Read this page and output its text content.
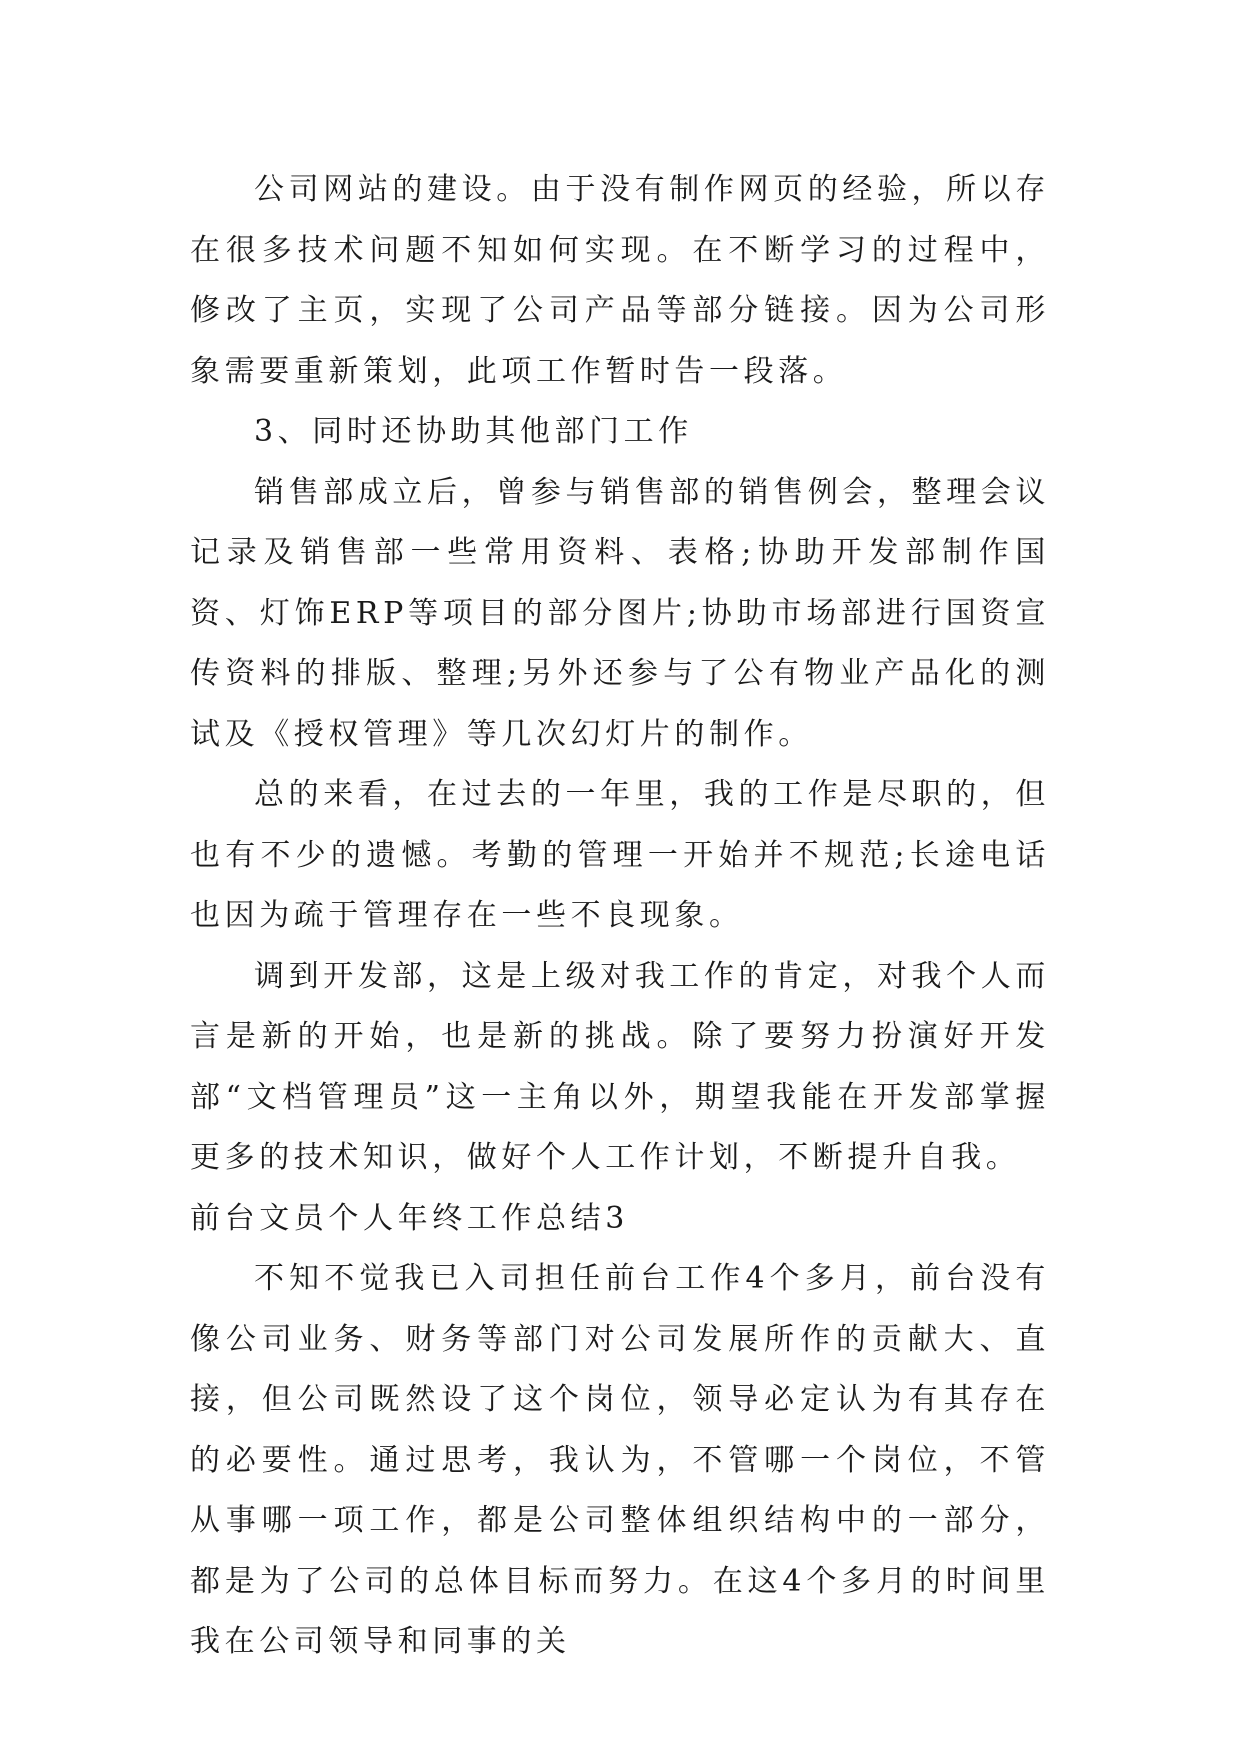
公司网站的建设。由于没有制作网页的经验，所以存在很多技术问题不知如何实现。在不断学习的过程中，修改了主页，实现了公司产品等部分链接。因为公司形象需要重新策划，此项工作暂时告一段落。

3、同时还协助其他部门工作

销售部成立后，曾参与销售部的销售例会，整理会议记录及销售部一些常用资料、表格;协助开发部制作国资、灯饰ERP等项目的部分图片;协助市场部进行国资宣传资料的排版、整理;另外还参与了公有物业产品化的测试及《授权管理》等几次幻灯片的制作。

总的来看，在过去的一年里，我的工作是尽职的，但也有不少的遗憾。考勤的管理一开始并不规范;长途电话也因为疏于管理存在一些不良现象。

调到开发部，这是上级对我工作的肯定，对我个人而言是新的开始，也是新的挑战。除了要努力扮演好开发部“文档管理员”这一主角以外，期望我能在开发部掌握更多的技术知识，做好个人工作计划，不断提升自我。

前台文员个人年终工作总结3

不知不觉我已入司担任前台工作4个多月，前台没有像公司业务、财务等部门对公司发展所作的贡献大、直接，但公司既然设了这个岗位，领导必定认为有其存在的必要性。通过思考，我认为，不管哪一个岗位，不管从事哪一项工作，都是公司整体组织结构中的一部分，都是为了公司的总体目标而努力。在这4个多月的时间里我在公司领导和同事的关
